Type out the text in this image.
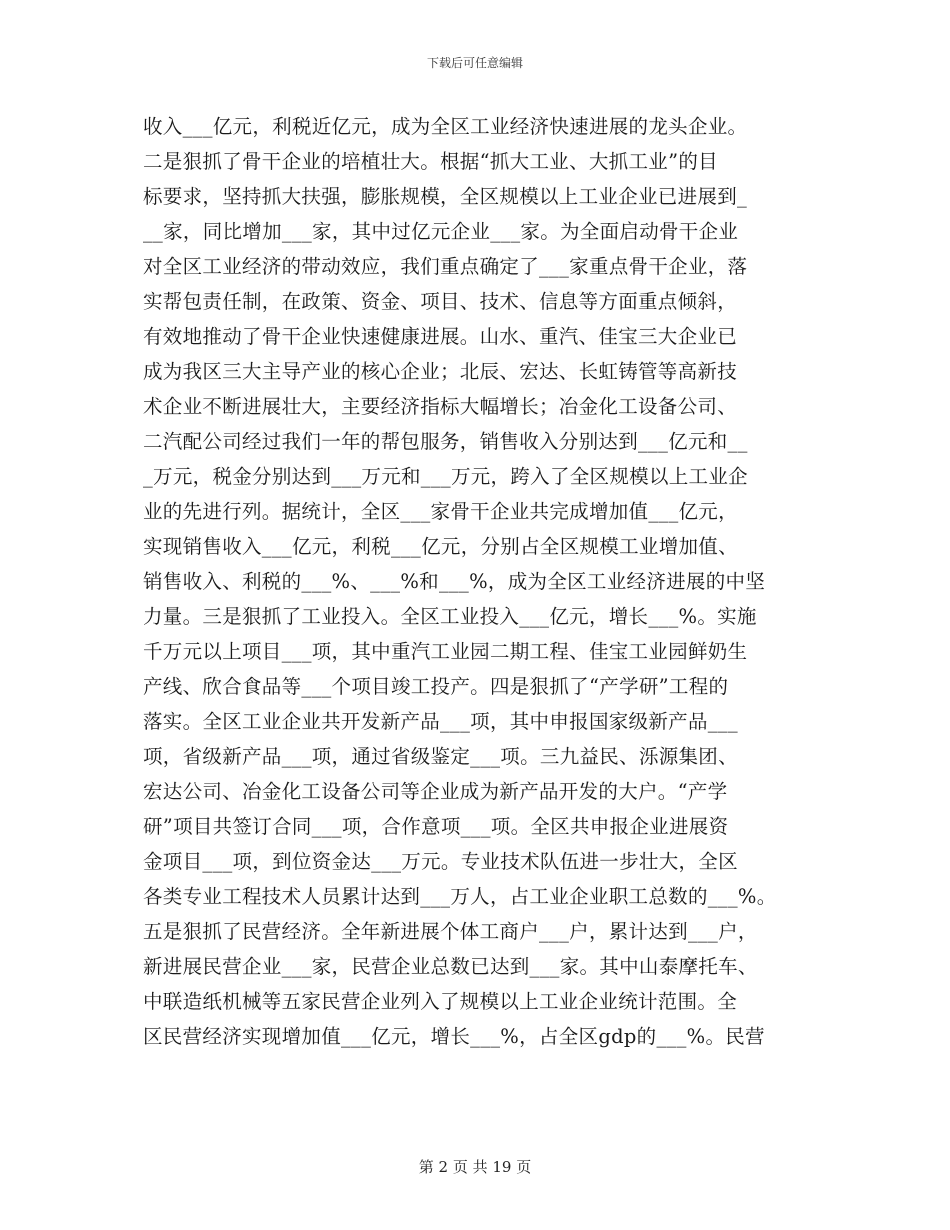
下载后可任意编辑
收入___亿元，利税近亿元，成为全区工业经济快速进展的龙头企业。
二是狠抓了骨干企业的培植壮大。根据“抓大工业、大抓工业”的目
标要求，坚持抓大扶强，膨胀规模，全区规模以上工业企业已进展到_
__家，同比增加___家，其中过亿元企业___家。为全面启动骨干企业
对全区工业经济的带动效应，我们重点确定了___家重点骨干企业，落
实帮包责任制，在政策、资金、项目、技术、信息等方面重点倾斜，
有效地推动了骨干企业快速健康进展。山水、重汽、佳宝三大企业已
成为我区三大主导产业的核心企业；北辰、宏达、长虹铸管等高新技
术企业不断进展壮大，主要经济指标大幅增长；冶金化工设备公司、
二汽配公司经过我们一年的帮包服务，销售收入分别达到___亿元和__
_万元，税金分别达到___万元和___万元，跨入了全区规模以上工业企
业的先进行列。据统计，全区___家骨干企业共完成增加值___亿元，
实现销售收入___亿元，利税___亿元，分别占全区规模工业增加值、
销售收入、利税的___%、___%和___%，成为全区工业经济进展的中坚
力量。三是狠抓了工业投入。全区工业投入___亿元，增长___%。实施
千万元以上项目___项，其中重汽工业园二期工程、佳宝工业园鲜奶生
产线、欣合食品等___个项目竣工投产。四是狠抓了“产学研”工程的
落实。全区工业企业共开发新产品___项，其中申报国家级新产品___
项，省级新产品___项，通过省级鉴定___项。三九益民、泺源集团、
宏达公司、冶金化工设备公司等企业成为新产品开发的大户。“产学
研”项目共签订合同___项，合作意项___项。全区共申报企业进展资
金项目___项，到位资金达___万元。专业技术队伍进一步壮大，全区
各类专业工程技术人员累计达到___万人，占工业企业职工总数的___%。
五是狠抓了民营经济。全年新进展个体工商户___户，累计达到___户，
新进展民营企业___家，民营企业总数已达到___家。其中山泰摩托车、
中联造纸机械等五家民营企业列入了规模以上工业企业统计范围。全
区民营经济实现增加值___亿元，增长___%，占全区gdp的___%。民营
第 2 页 共 19 页
